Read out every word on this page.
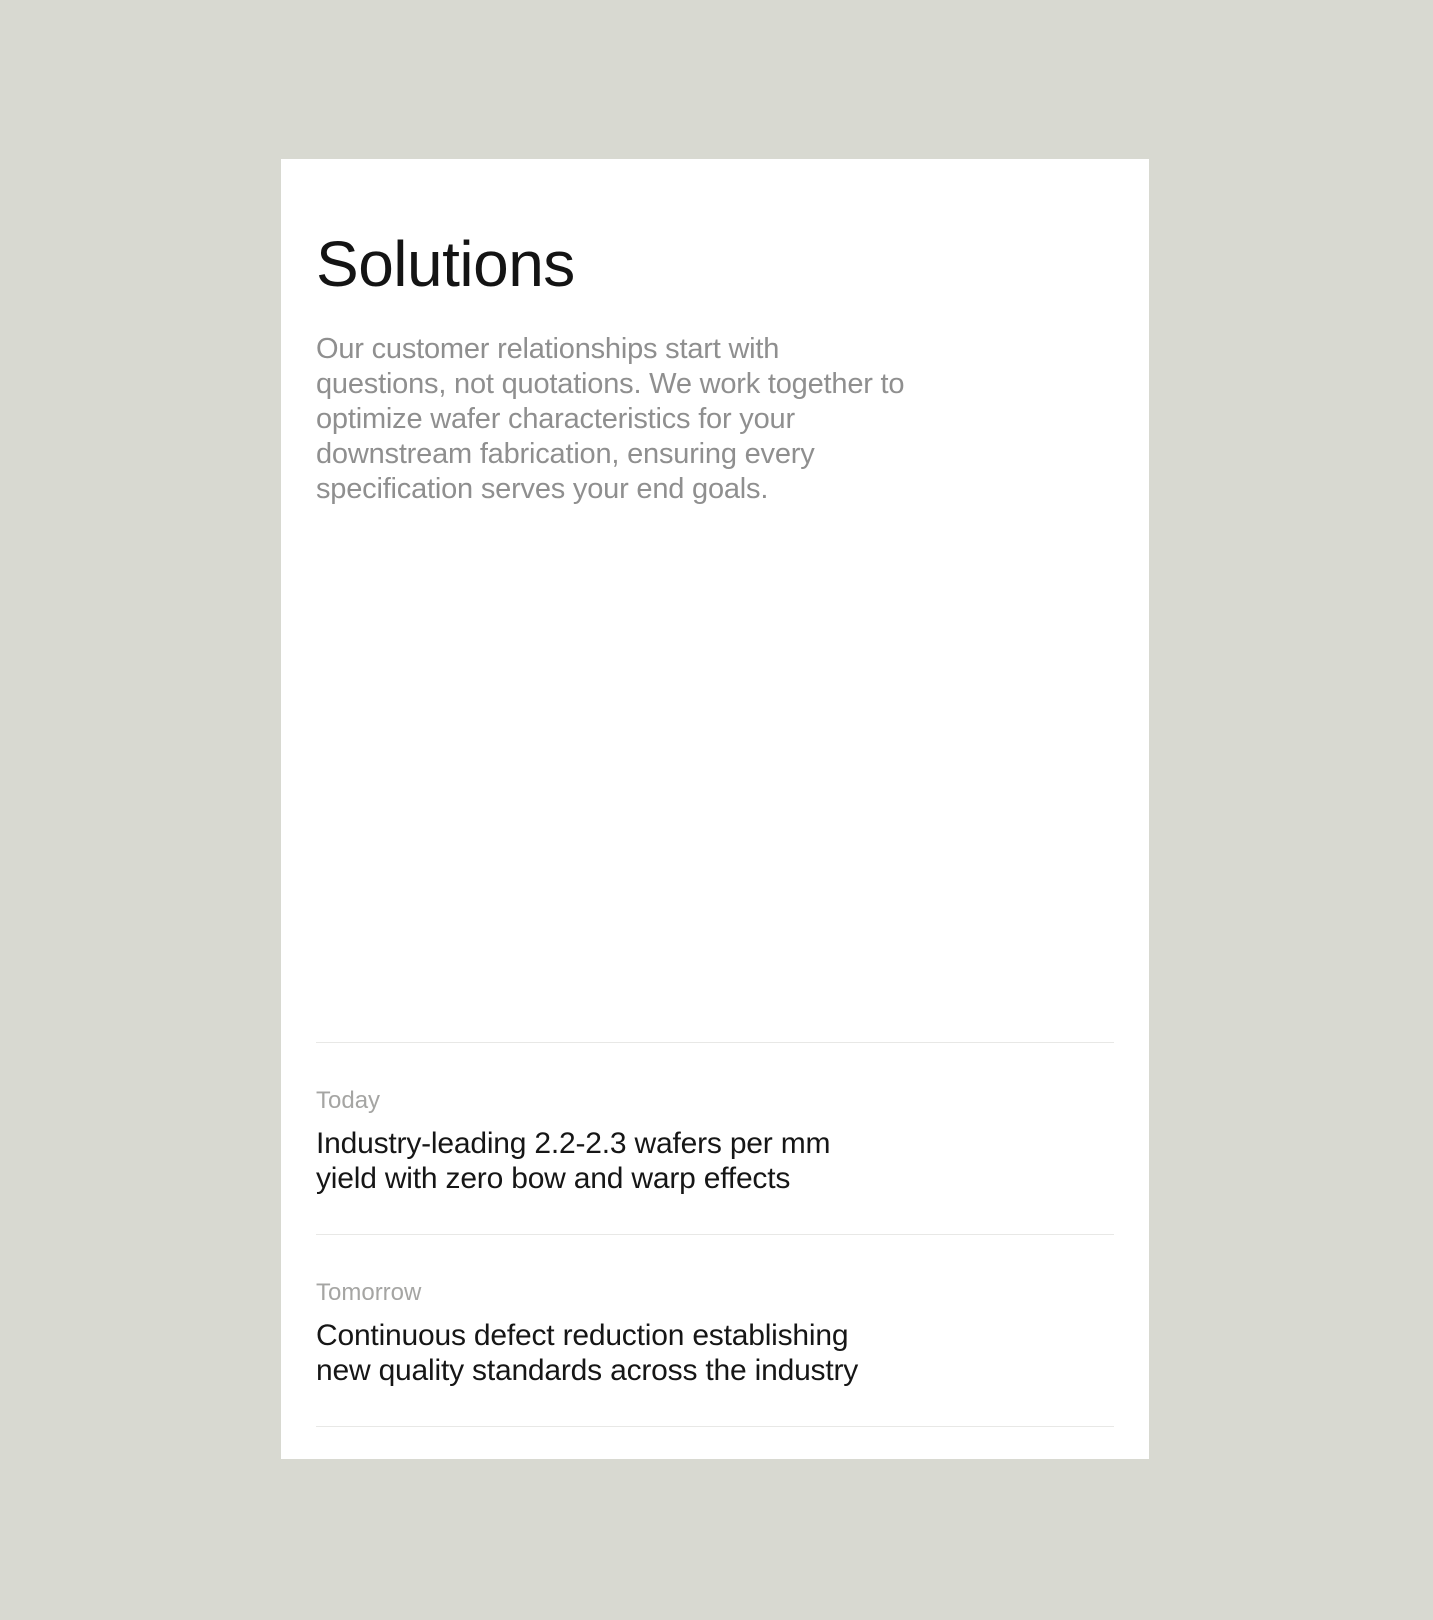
Solutions

Our customer relationships start with questions, not quotations. We work together to optimize wafer characteristics for your downstream fabrication, ensuring every specification serves your end goals.

Today
Industry-leading 2.2-2.3 wafers per mm yield with zero bow and warp effects
Tomorrow
Continuous defect reduction establishing new quality standards across the industry
